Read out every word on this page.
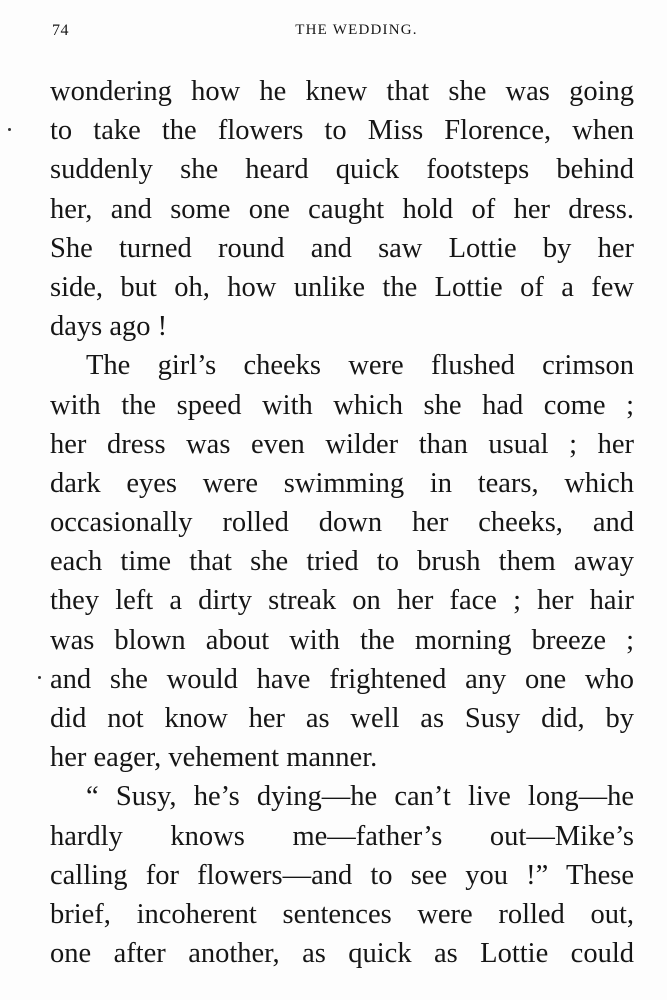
74	THE WEDDING.
wondering how he knew that she was going
to take the flowers to Miss Florence, when
suddenly she heard quick footsteps behind
her, and some one caught hold of her dress.
She turned round and saw Lottie by her
side, but oh, how unlike the Lottie of a few
days ago !
The girl’s cheeks were flushed crimson
with the speed with which she had come ;
her dress was even wilder than usual ; her
dark eyes were swimming in tears, which
occasionally rolled down her cheeks, and
each time that she tried to brush them away
they left a dirty streak on her face ; her hair
was blown about with the morning breeze ;
and she would have frightened any one who
did not know her as well as Susy did, by
her eager, vehement manner.
“ Susy, he’s dying—he can’t live long—he
hardly knows me—father’s out—Mike’s
calling for flowers—and to see you !” These
brief, incoherent sentences were rolled out,
one after another, as quick as Lottie could
